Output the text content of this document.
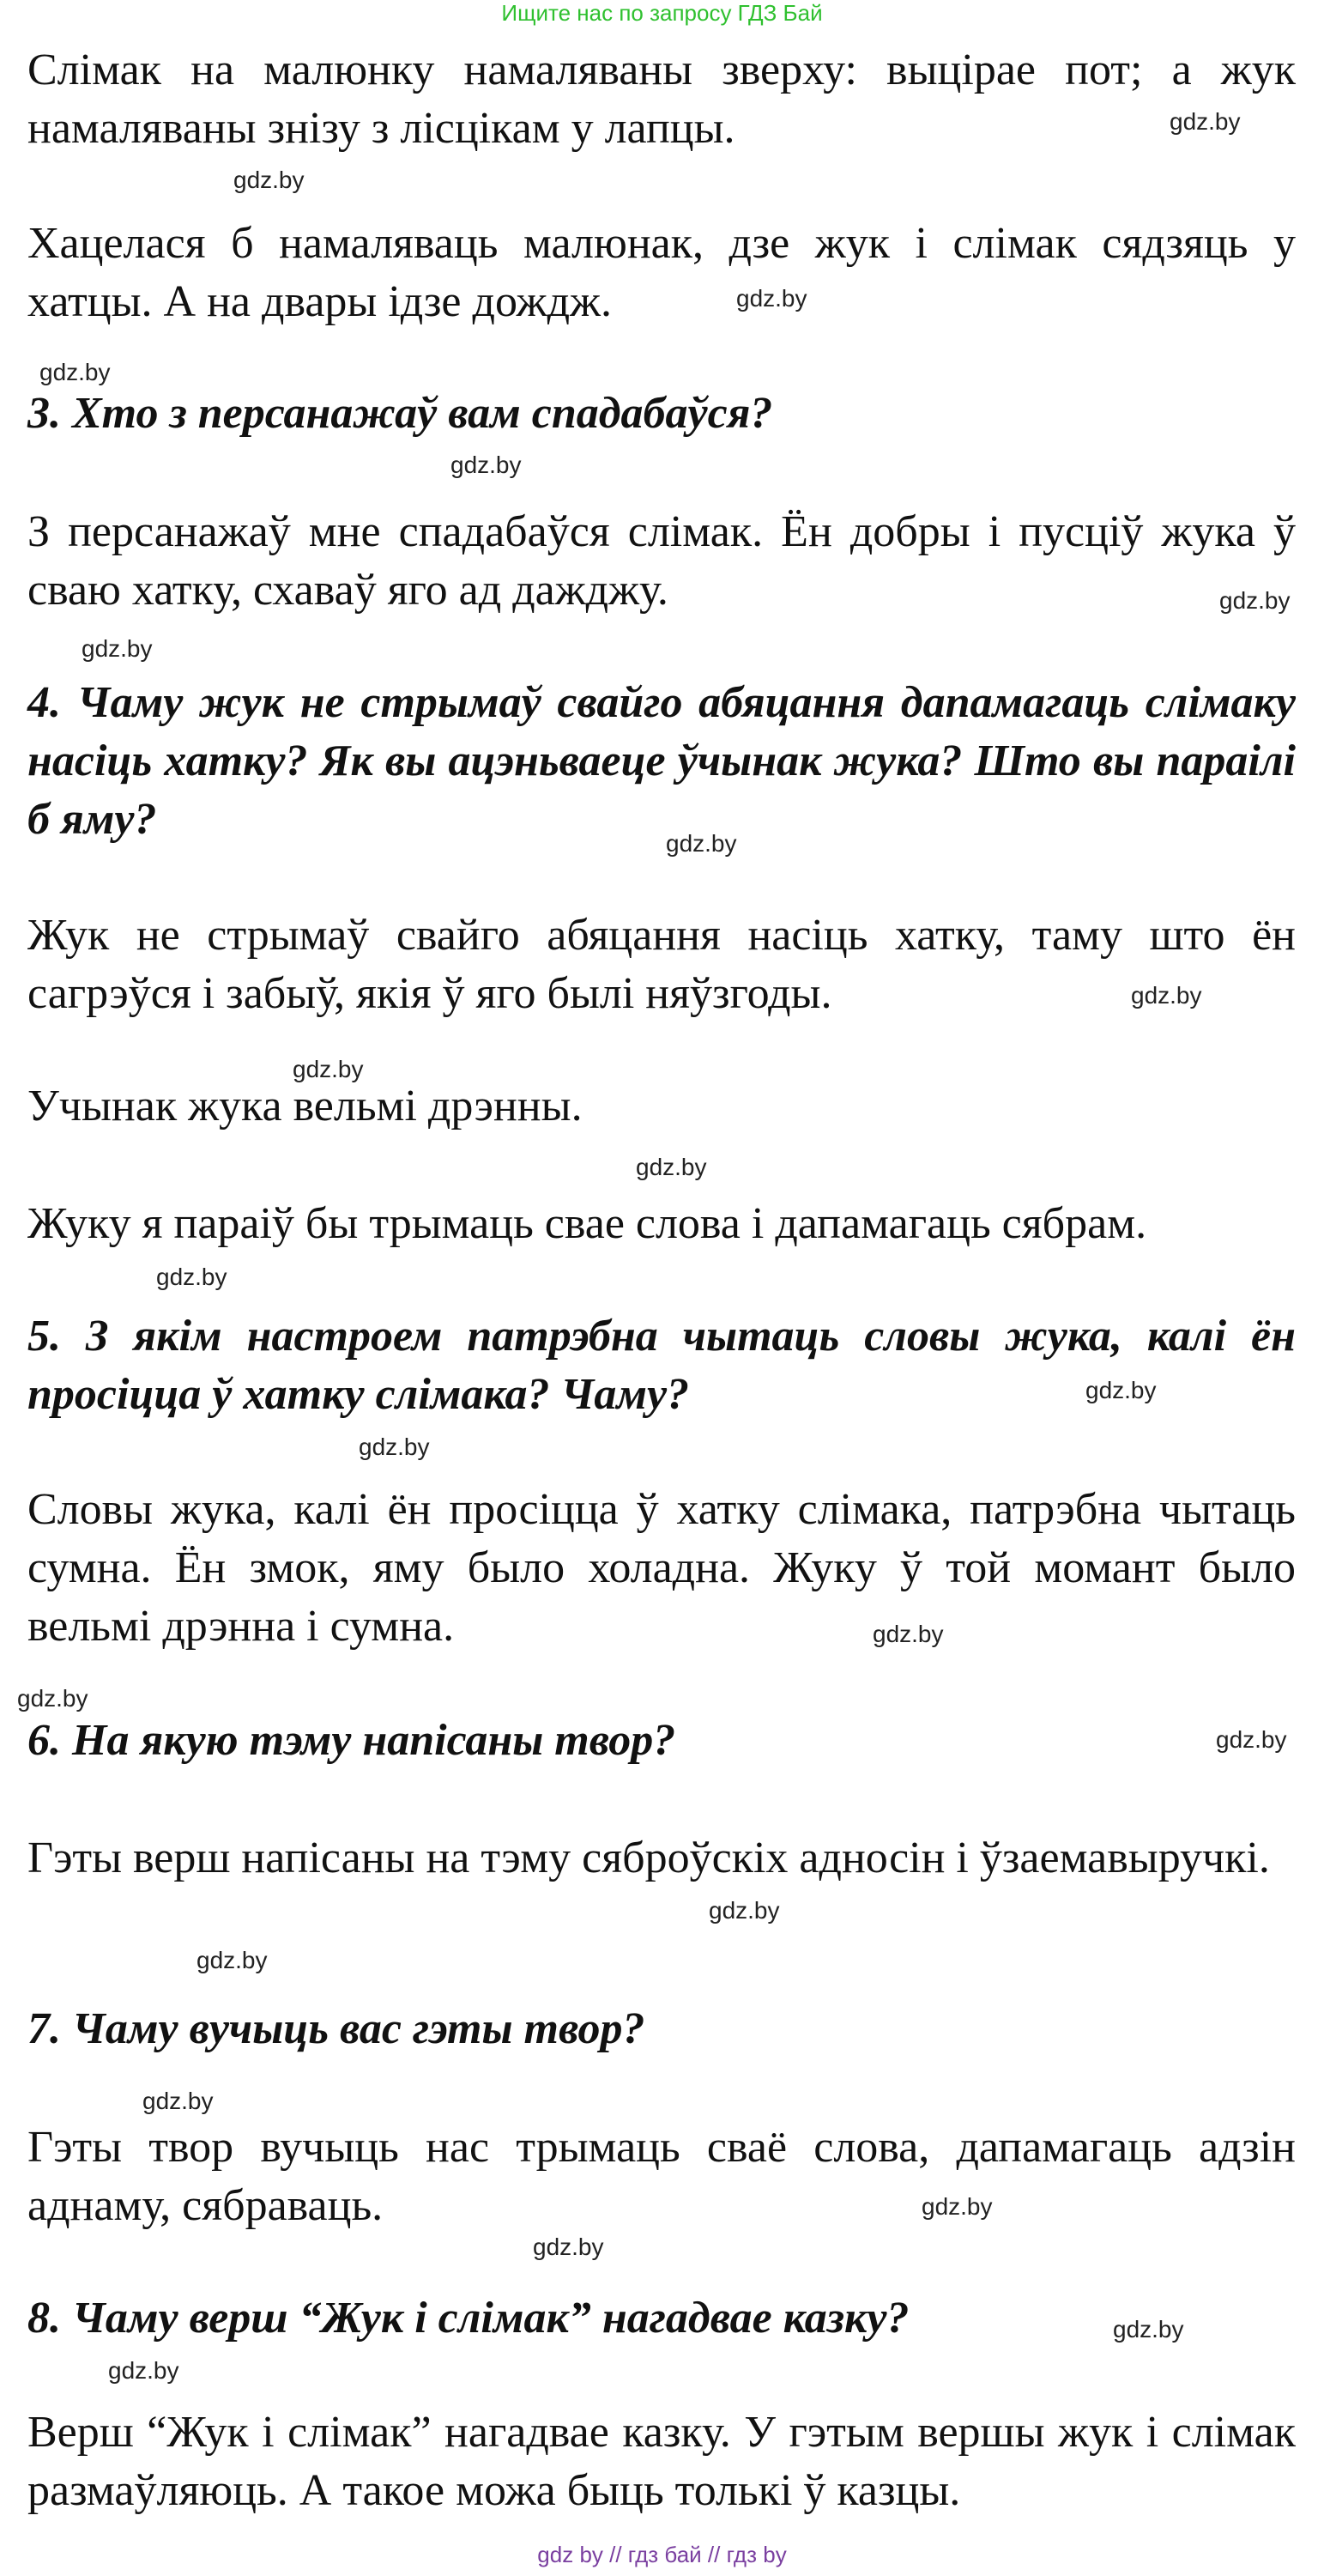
Ищите нас по запросу ГДЗ Бай

Слімак на малюнку намаляваны зверху: выцірае пот; а жук намаляваны знізу з лісцікам у лапцы.

Хацелася б намаляваць малюнак, дзе жук і слімак сядзяць у хатцы. А на двары ідзе дождж.

3. Хто з персанажаў вам спадабаўся?

З персанажаў мне спадабаўся слімак. Ён добры і пусціў жука ў сваю хатку, схаваў яго ад дажджу.

4. Чаму жук не стрымаў свайго абяцання дапамагаць слімаку насіць хатку? Як вы ацэньваеце ўчынак жука? Што вы параілі б яму?

Жук не стрымаў свайго абяцання насіць хатку, таму што ён сагрэўся і забыў, якія ў яго былі няўзгоды.

Учынак жука вельмі дрэнны.

Жуку я параіў бы трымаць свае слова і дапамагаць сябрам.

5. З якім настроем патрэбна чытаць словы жука, калі ён просіцца ў хатку слімака? Чаму?

Словы жука, калі ён просіцца ў хатку слімака, патрэбна чытаць сумна. Ён змок, яму было холадна. Жуку ў той момант было вельмі дрэнна і сумна.

6. На якую тэму напісаны твор?

Гэты верш напісаны на тэму сяброўскіх адносін і ўзаемавыручкі.

7. Чаму вучыць вас гэты твор?

Гэты твор вучыць нас трымаць сваё слова, дапамагаць адзін аднаму, сябраваць.

8. Чаму верш “Жук і слімак” нагадвае казку?

Верш “Жук і слімак” нагадвае казку. У гэтым вершы жук і слімак размаўляюць. А такое можа быць толькі ў казцы.

gdz.by
gdz.by
gdz.by
gdz.by
gdz.by
gdz.by
gdz.by
gdz.by
gdz.by
gdz.by
gdz.by
gdz.by
gdz.by
gdz.by
gdz.by
gdz.by
gdz.by
gdz.by
gdz.by
gdz.by
gdz.by
gdz.by
gdz.by
gdz.by
gdz by // гдз бай // гдз by
